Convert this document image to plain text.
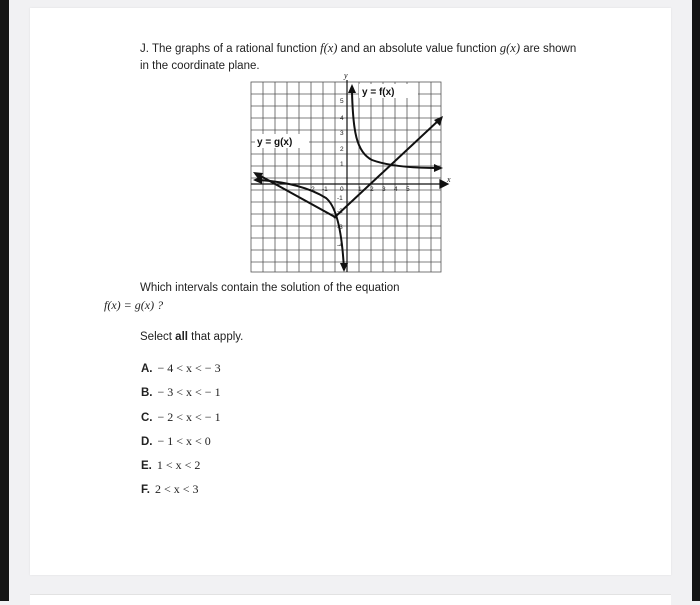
J. The graphs of a rational function f(x) and an absolute value function g(x) are shown
in the coordinate plane.
x
y
-2 -1 0 1 2 3 4 5
5
4
3
2
1
-1
-2
-3
-4
y = f(x)
y = g(x)
Which intervals contain the solution of the equation
f(x) = g(x) ?
Select all that apply.
A. − 4 < x < − 3
B. − 3 < x < − 1
C. − 2 < x < − 1
D. − 1 < x < 0
E. 1 < x < 2
F. 2 < x < 3
